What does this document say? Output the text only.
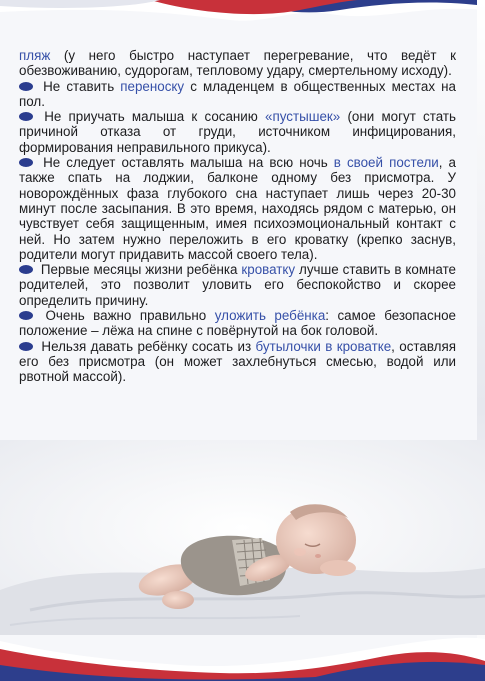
пляж (у него быстро наступает перегревание, что ведёт к обезвоживанию, судорогам, тепловому удару, смертельному исходу).

Не ставить переноску с младенцем в общественных местах на пол.

Не приучать малыша к сосанию «пустышек» (они могут стать причиной отказа от груди, источником инфицирования, формирования неправильного прикуса).

Не следует оставлять малыша на всю ночь в своей постели, а также спать на лоджии, балконе одному без присмотра. У новорождённых фаза глубокого сна наступает лишь через 20-30 минут после засыпания. В это время, находясь рядом с матерью, он чувствует себя защищенным, имея психоэмоциональный контакт с ней. Но затем нужно переложить в его кроватку (крепко заснув, родители могут придавить массой своего тела).

Первые месяцы жизни ребёнка кроватку лучше ставить в комнате родителей, это позволит уловить его беспокойство и скорее определить причину.

Очень важно правильно уложить ребёнка: самое безопасное положение – лёжа на спине с повёрнутой на бок головой.

Нельзя давать ребёнку сосать из бутылочки в кроватке, оставляя его без присмотра (он может захлебнуться смесью, водой или рвотной массой).
